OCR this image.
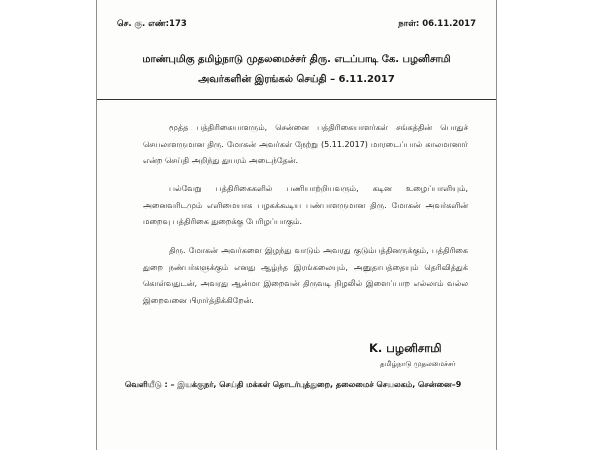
செ. கு. எண்:173	நாள்: 06.11.2017
மாண்புமிகு தமிழ்நாடு முதலமைச்சர் திரு. எடப்பாடி கே. பழனிசாமி
அவர்களின் இரங்கல் செய்தி – 6.11.2017
மூத்த பத்திரிகையாளரும், சென்னை பத்திரிகையாளர்கள் சங்கத்தின் பொதுச் செயலாளருமான திரு. மோகன் அவர்கள் நேற்று (5.11.2017) மாரடைப்பால் காலமானார் என்ற செய்தி அறிந்து துயரம் அடைந்தேன்.
பல்வேறு பத்திரிகைகளில் பணியாற்றியவரும், கடின உழைப்பாளியும், அனைவரிடமும் எளிமையாக பழகக்கூடிய பண்பாளருமான திரு. மோகன் அவர்களின் மறைவு பத்திரிகை துறைக்கு பேரிழப்பாகும்.
திரு. மோகன் அவர்களை இழந்து வாடும் அவரது குடும்பத்தினருக்கும், பத்திரிகை துறை நண்பர்களுக்கும் எனது ஆழ்ந்த இரங்கலையும், அனுதாபத்தையும் தெரிவித்துக் கொள்வதுடன், அவரது ஆன்மா இறைவன் திருவடி நிழலில் இளைப்பாற எல்லாம் வல்ல இறைவனை பிரார்த்திக்கிறேன்.
K. பழனிசாமி
தமிழ்நாடு முதலமைச்சர்
வெளியீடு : – இயக்குநர், செய்தி மக்கள் தொடர்புத்துறை, தலைமைச் செயலகம், சென்னை–9
